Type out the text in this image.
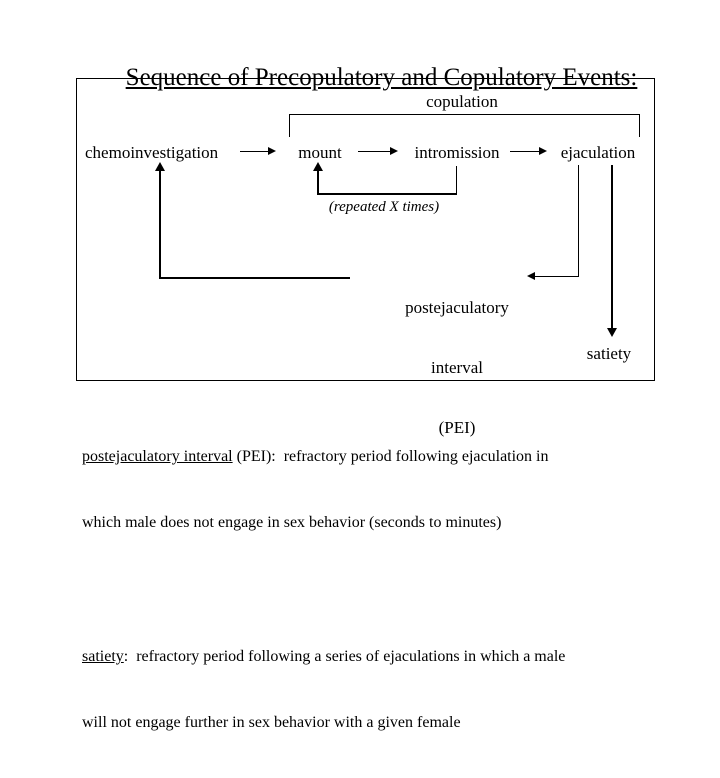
Sequence of Precopulatory and Copulatory Events:

copulation
chemoinvestigation	mount	intromission	ejaculation
(repeated X times)

postejaculatory

interval

(PEI)

satiety

postejaculatory interval (PEI):  refractory period following ejaculation in

which male does not engage in sex behavior (seconds to minutes)

satiety:  refractory period following a series of ejaculations in which a male

will not engage further in sex behavior with a given female
